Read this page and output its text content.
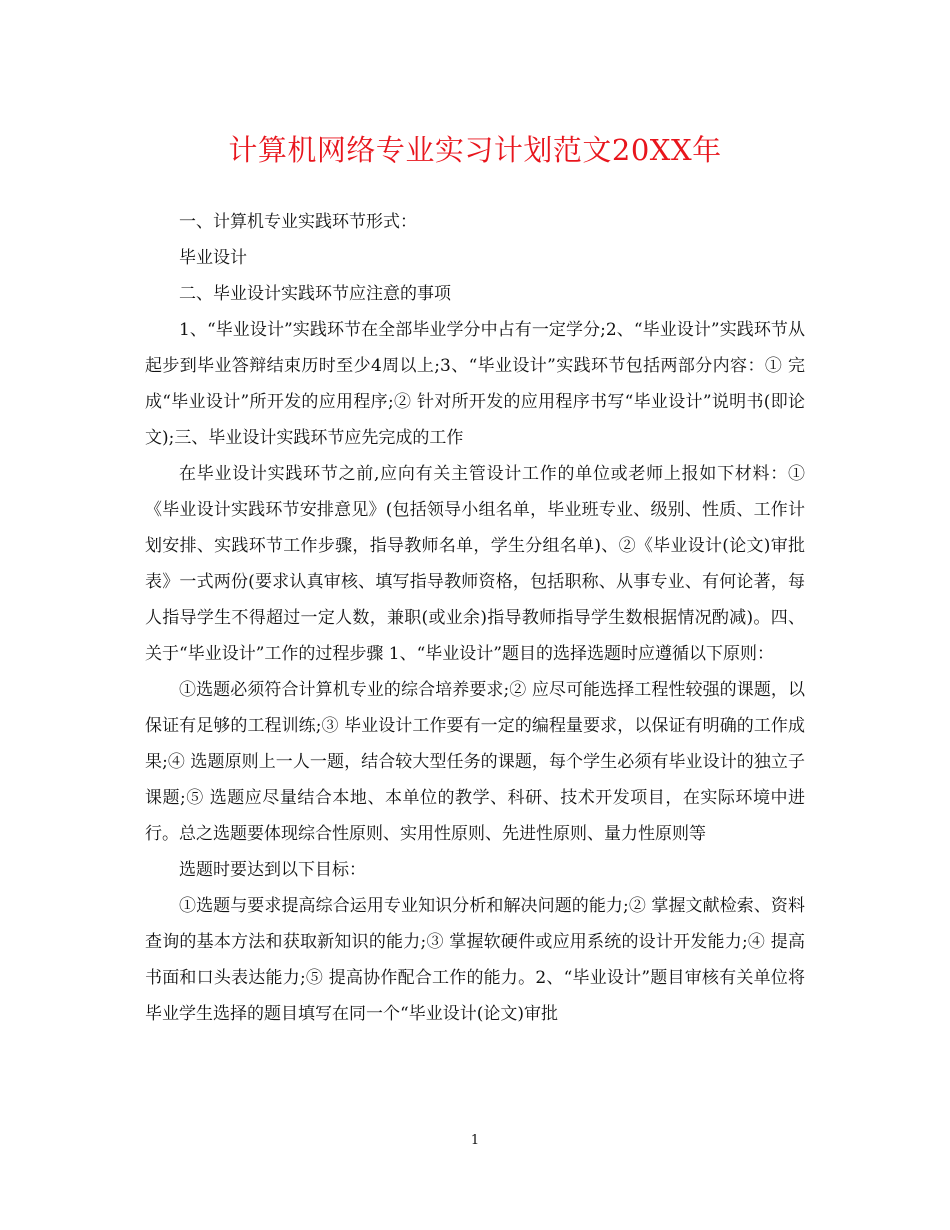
计算机网络专业实习计划范文20XX年

一、计算机专业实践环节形式：

毕业设计

二、毕业设计实践环节应注意的事项

1、“毕业设计”实践环节在全部毕业学分中占有一定学分;2、“毕业设计”实践环节从起步到毕业答辩结束历时至少4周以上;3、“毕业设计”实践环节包括两部分内容：① 完成“毕业设计”所开发的应用程序;② 针对所开发的应用程序书写“毕业设计”说明书(即论文);三、毕业设计实践环节应先完成的工作

在毕业设计实践环节之前,应向有关主管设计工作的单位或老师上报如下材料：①《毕业设计实践环节安排意见》(包括领导小组名单，毕业班专业、级别、性质、工作计划安排、实践环节工作步骤，指导教师名单，学生分组名单)、②《毕业设计(论文)审批表》一式两份(要求认真审核、填写指导教师资格，包括职称、从事专业、有何论著，每人指导学生不得超过一定人数，兼职(或业余)指导教师指导学生数根据情况酌减)。四、关于“毕业设计”工作的过程步骤 1、“毕业设计”题目的选择选题时应遵循以下原则：

①选题必须符合计算机专业的综合培养要求;② 应尽可能选择工程性较强的课题，以保证有足够的工程训练;③ 毕业设计工作要有一定的编程量要求，以保证有明确的工作成果;④ 选题原则上一人一题，结合较大型任务的课题，每个学生必须有毕业设计的独立子课题;⑤ 选题应尽量结合本地、本单位的教学、科研、技术开发项目，在实际环境中进行。总之选题要体现综合性原则、实用性原则、先进性原则、量力性原则等

选题时要达到以下目标：

①选题与要求提高综合运用专业知识分析和解决问题的能力;② 掌握文献检索、资料查询的基本方法和获取新知识的能力;③ 掌握软硬件或应用系统的设计开发能力;④ 提高书面和口头表达能力;⑤ 提高协作配合工作的能力。2、“毕业设计”题目审核有关单位将毕业学生选择的题目填写在同一个“毕业设计(论文)审批

1
